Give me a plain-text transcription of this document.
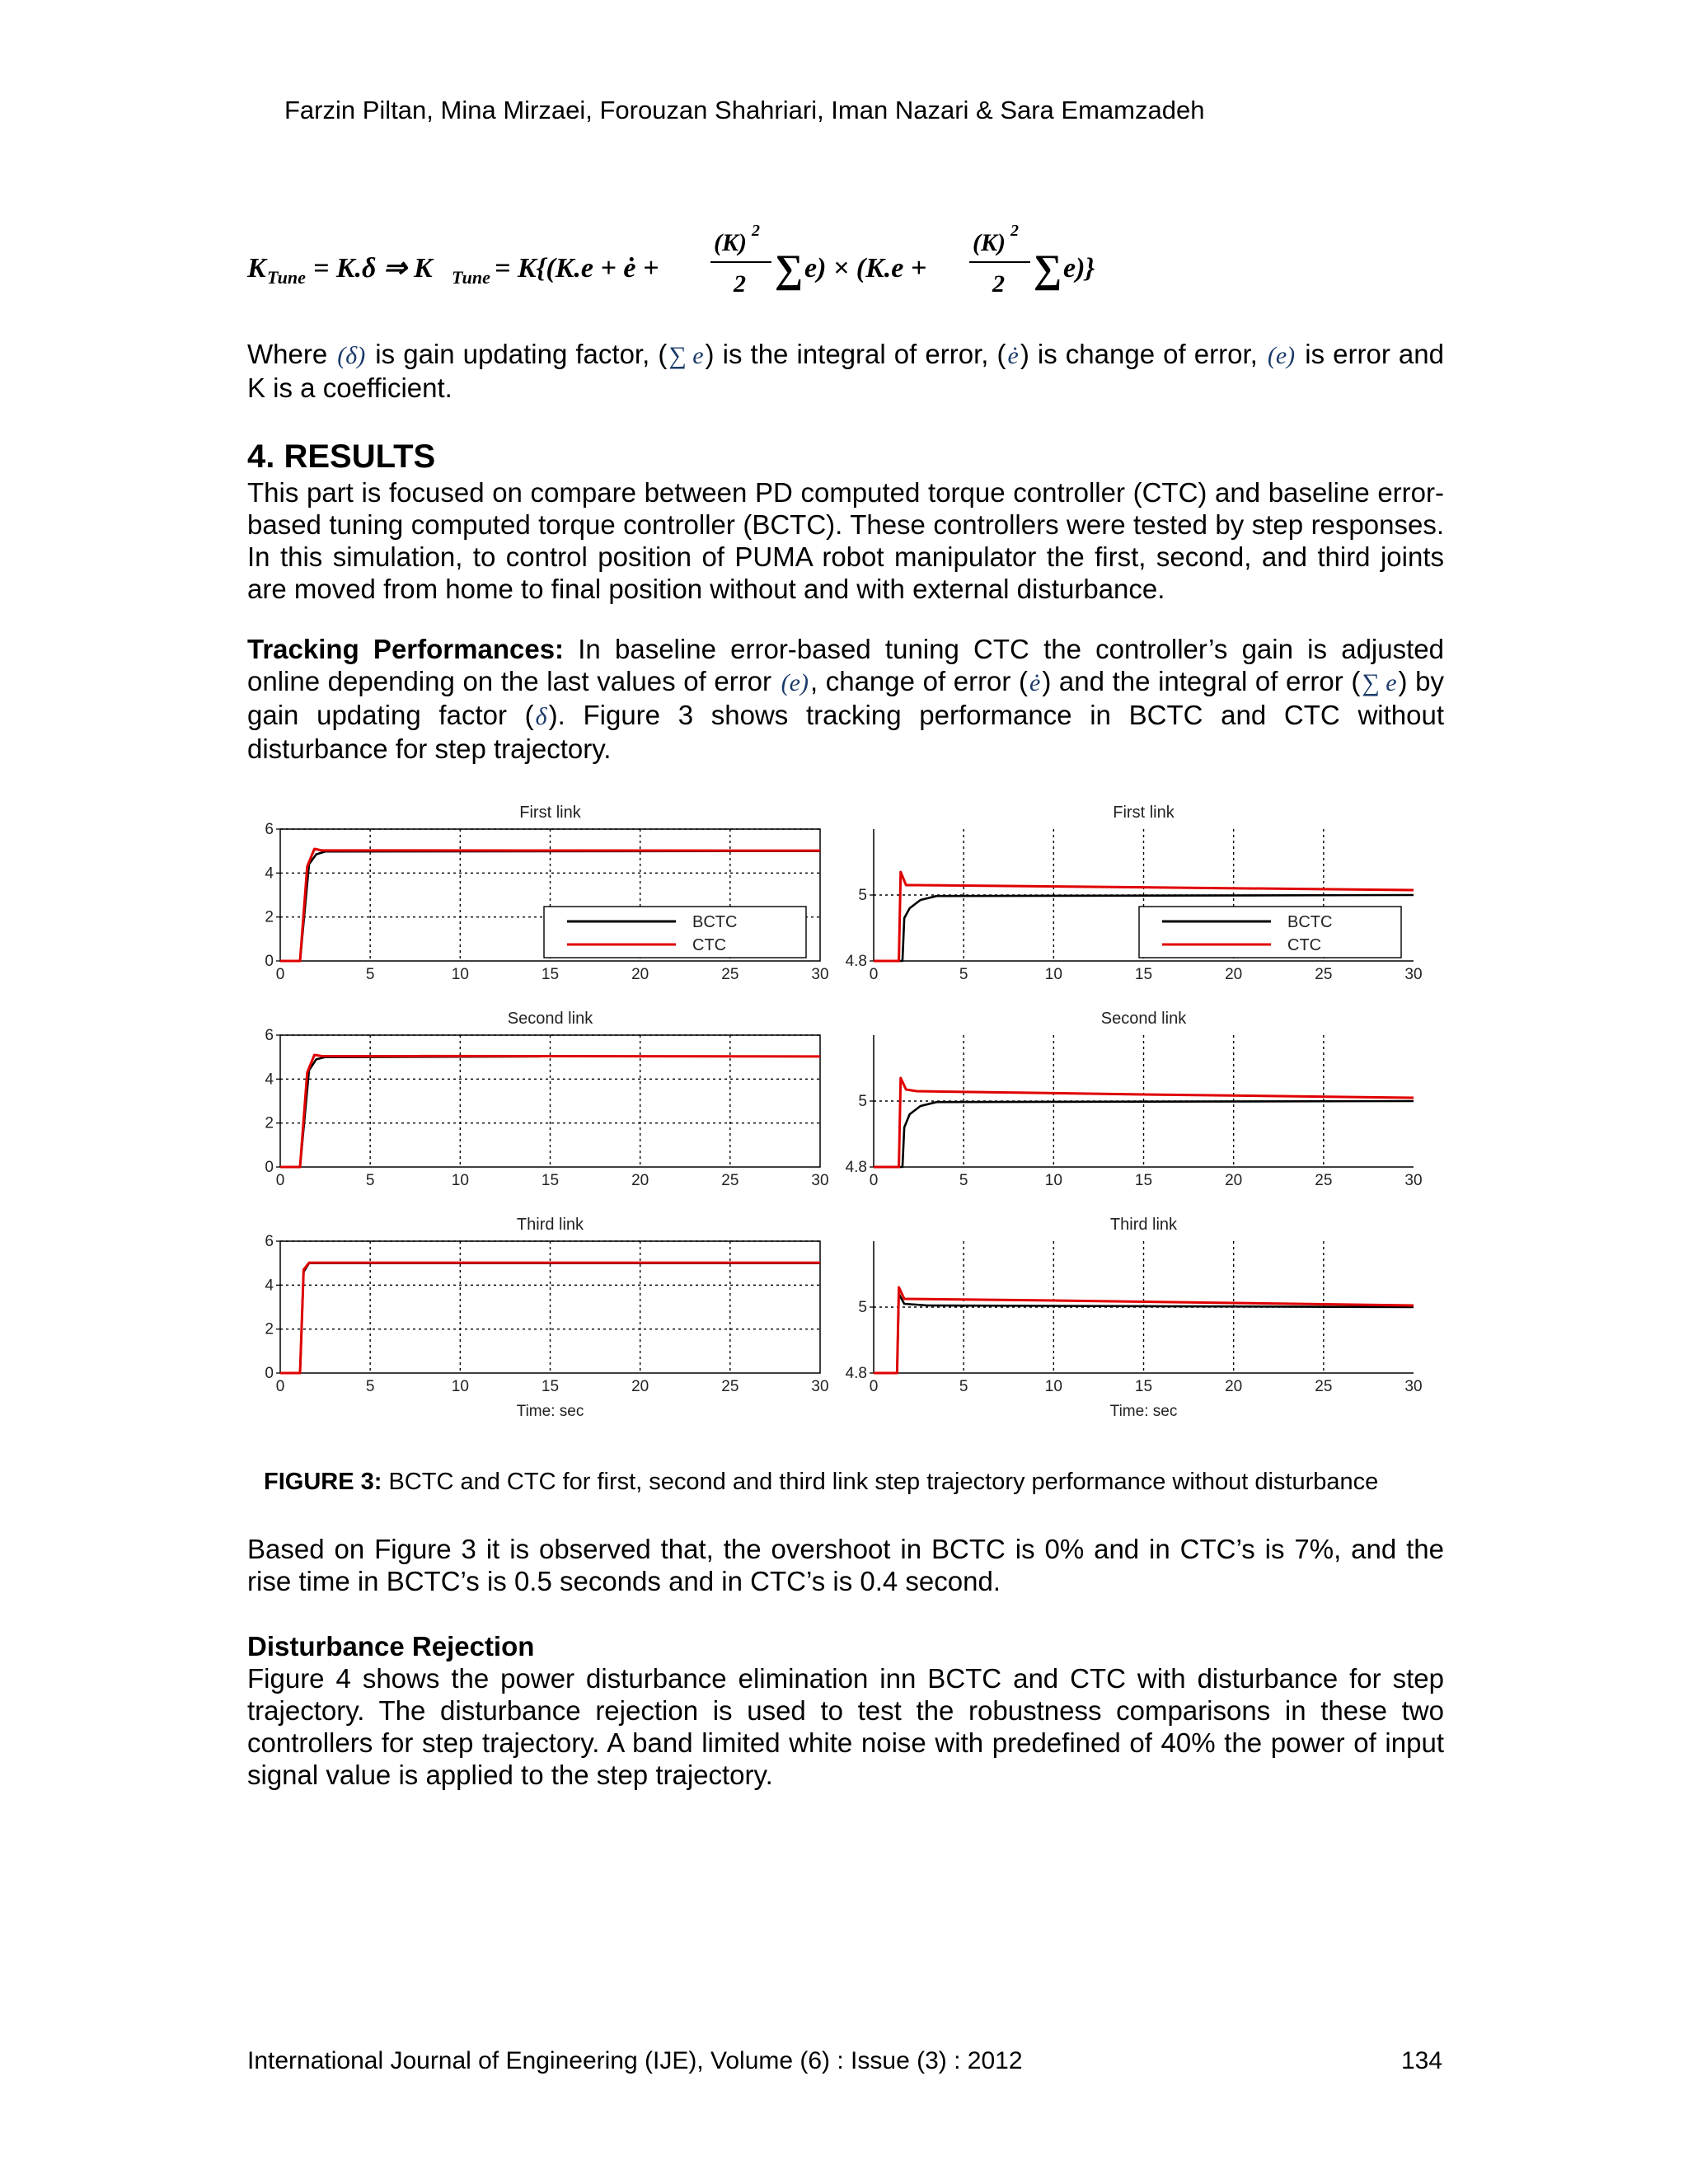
Farzin Piltan, Mina Mirzaei, Forouzan Shahriari, Iman Nazari & Sara Emamzadeh
K Tune = K.δ ⇒ K Tune = K{(K.e + ė +
(K) 2
2 ∑ e) × (K.e +
(K) 2
2 ∑ e)}

Where (δ) is gain updating factor, (∑ e) is the integral of error, (ė) is change of error, (e) is error and K is a coefficient.

4. RESULTS

This part is focused on compare between PD computed torque controller (CTC) and baseline error-based tuning computed torque controller (BCTC). These controllers were tested by step responses. In this simulation, to control position of PUMA robot manipulator the first, second, and third joints are moved from home to final position without and with external disturbance.

Tracking Performances: In baseline error-based tuning CTC the controller’s gain is adjusted online depending on the last values of error (e), change of error (ė) and the integral of error (∑ e) by gain updating factor (δ). Figure 3 shows tracking performance in BCTC and CTC without disturbance for step trajectory.

First link
0	5	10	15	20	25	30
0
2
4
6
BCTC
CTC
First link
0	5	10	15	20	25	30
4.8
5
BCTC
CTC
Second link
0	5	10	15	20	25	30
0
2
4
6
Second link
0	5	10	15	20	25	30
4.8
5
Third link
0	5	10	15	20	25	30
0
2
4
6
Time: sec
Third link
0	5	10	15	20	25	30
4.8
5
Time: sec
FIGURE 3: BCTC and CTC for first, second and third link step trajectory performance without disturbance

Based on Figure 3 it is observed that, the overshoot in BCTC is 0% and in CTC’s is 7%, and the rise time in BCTC’s is 0.5 seconds and in CTC’s is 0.4 second.

Disturbance Rejection

Figure 4 shows the power disturbance elimination inn BCTC and CTC with disturbance for step trajectory. The disturbance rejection is used to test the robustness comparisons in these two controllers for step trajectory. A band limited white noise with predefined of 40% the power of input signal value is applied to the step trajectory.

International Journal of Engineering (IJE), Volume (6) : Issue (3) : 2012	134
